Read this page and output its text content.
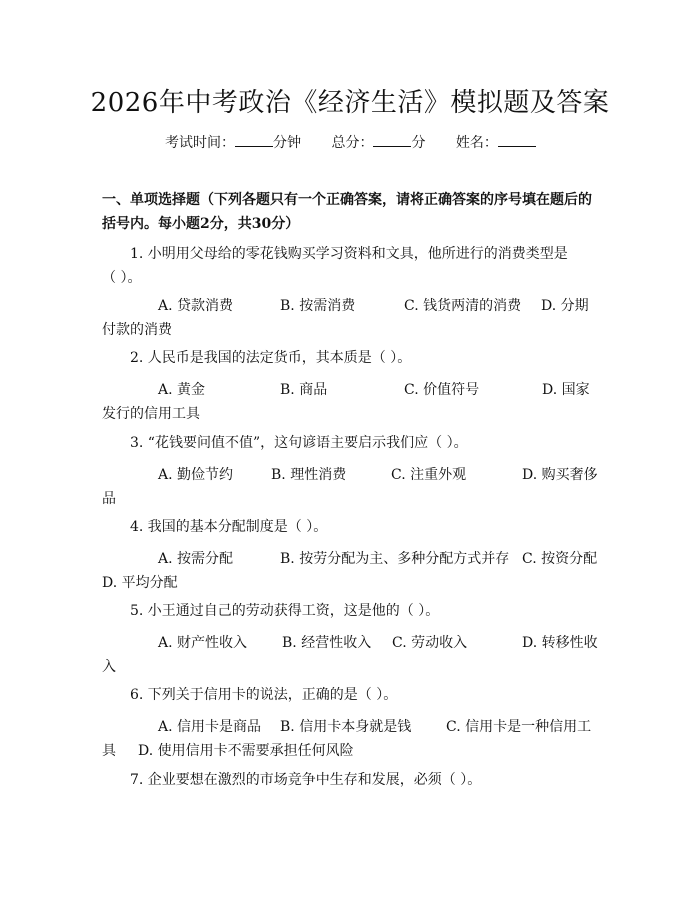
2026年中考政治《经济生活》模拟题及答案
考试时间：	分钟 总分：	分 姓名：
一、单项选择题（下列各题只有一个正确答案，请将正确答案的序号填在题后的
括号内。每小题2分，共30分）
1. 小明用父母给的零花钱购买学习资料和文具，他所进行的消费类型是
（ ）。
A. 贷款消费	B. 按需消费	C. 钱货两清的消费 D. 分期
付款的消费
2. 人民币是我国的法定货币，其本质是（ ）。
A. 黄金	B. 商品	C. 价值符号	D. 国家
发行的信用工具
3. “花钱要问值不值”，这句谚语主要启示我们应（ ）。
A. 勤俭节约	B. 理性消费	C. 注重外观	D. 购买奢侈
品
4. 我国的基本分配制度是（ ）。
A. 按需分配	B. 按劳分配为主、多种分配方式并存 C. 按资分配
D. 平均分配
5. 小王通过自己的劳动获得工资，这是他的（ ）。
A. 财产性收入 B. 经营性收入 C. 劳动收入	D. 转移性收
入
6. 下列关于信用卡的说法，正确的是（ ）。
A. 信用卡是商品 B. 信用卡本身就是钱 C. 信用卡是一种信用工
具 D. 使用信用卡不需要承担任何风险
7. 企业要想在激烈的市场竞争中生存和发展，必须（ ）。
